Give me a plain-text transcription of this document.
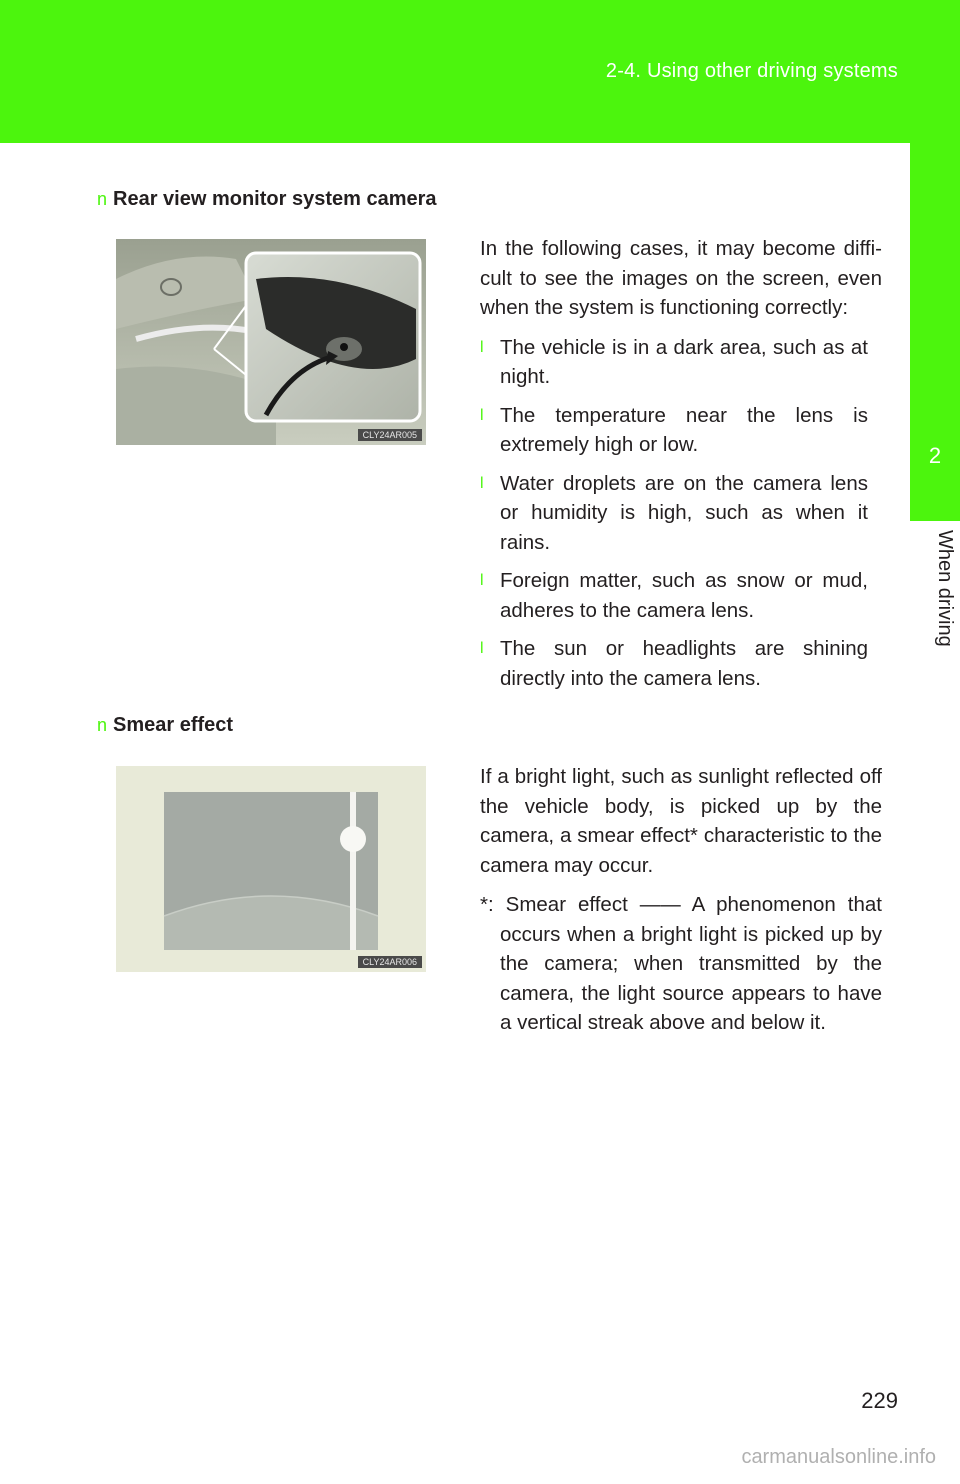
2-4. Using other driving systems
2
When driving
n Rear view monitor system camera
CLY24AR005

In the following cases, it may become diffi-cult to see the images on the screen, even when the system is functioning correctly:

l The vehicle is in a dark area, such as at night.
l The temperature near the lens is extremely high or low.
l Water droplets are on the camera lens or humidity is high, such as when it rains.
l Foreign matter, such as snow or mud, adheres to the camera lens.
l The sun or headlights are shining directly into the camera lens.
n Smear effect
CLY24AR006

If a bright light, such as sunlight reflected off the vehicle body, is picked up by the camera, a smear effect* characteristic to the camera may occur.

*: Smear effect —— A phenomenon that occurs when a bright light is picked up by the camera; when transmitted by the camera, the light source appears to have a vertical streak above and below it.
229
carmanualsonline.info
